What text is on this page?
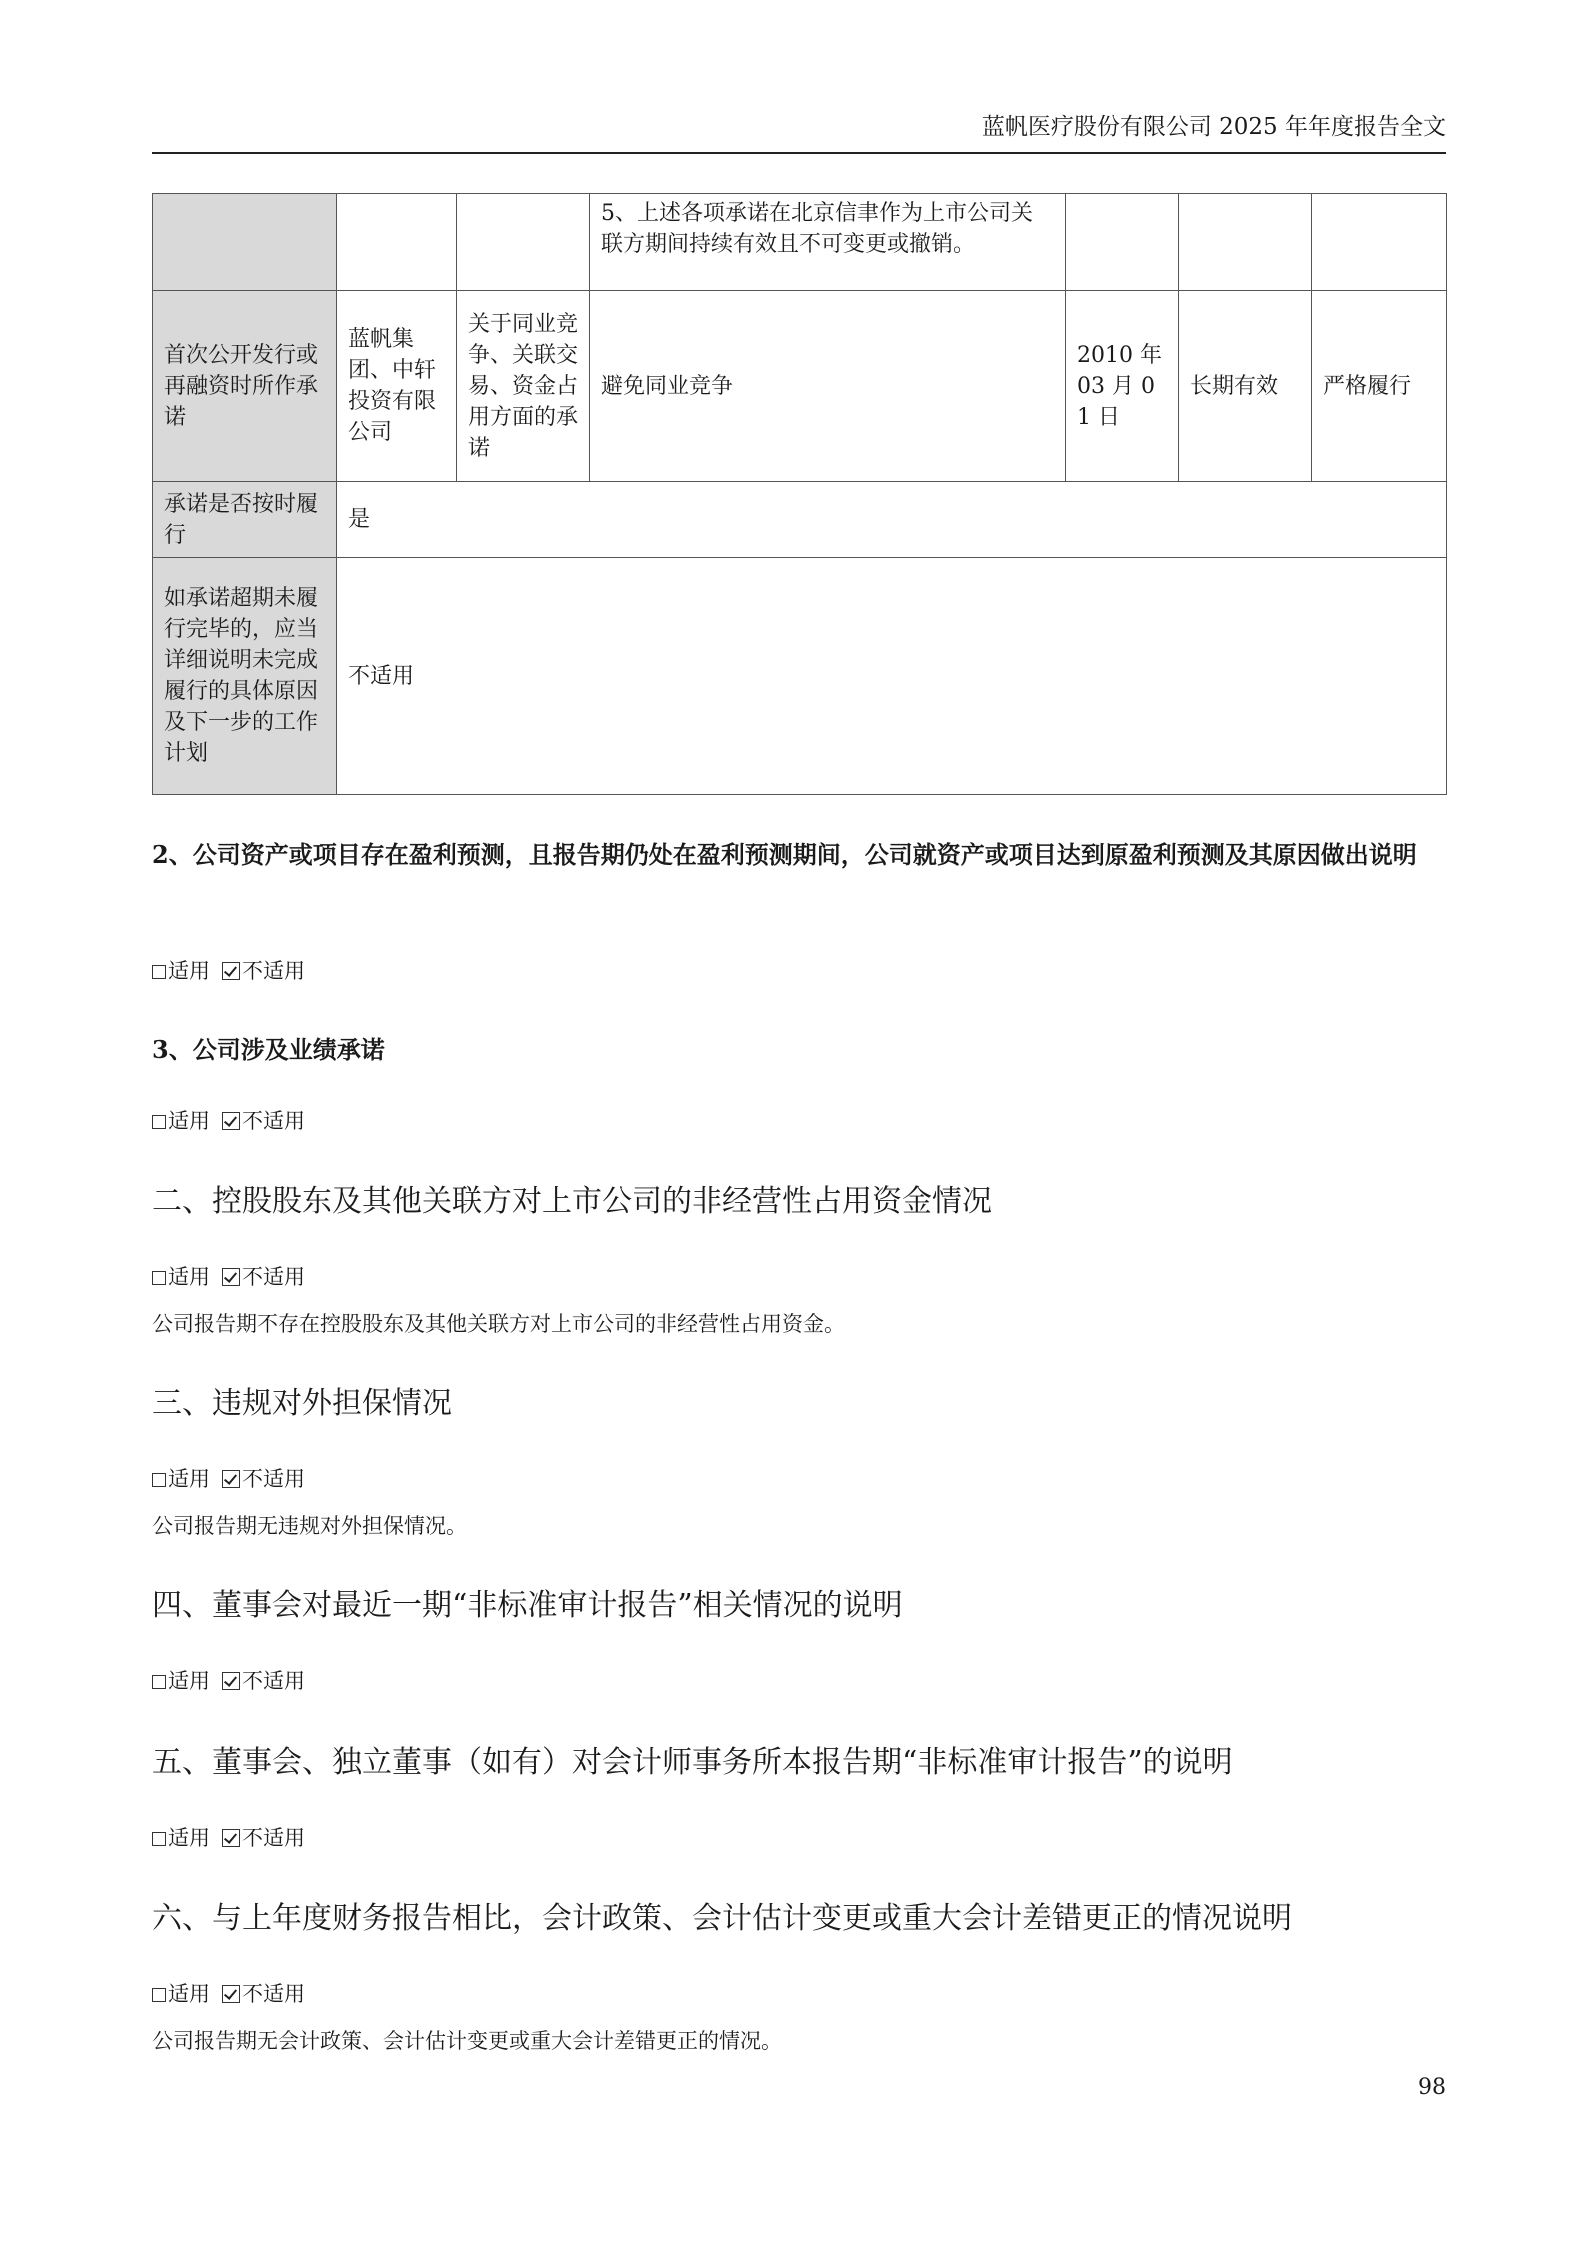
蓝帆医疗股份有限公司 2025 年年度报告全文
			5、上述各项承诺在北京信聿作为上市公司关联方期间持续有效且不可变更或撤销。			
首次公开发行或再融资时所作承诺	蓝帆集团、中轩投资有限公司	关于同业竞争、关联交易、资金占用方面的承诺	避免同业竞争	2010 年 03 月 01 日	长期有效	严格履行
承诺是否按时履行	是					
如承诺超期未履行完毕的，应当详细说明未完成履行的具体原因及下一步的工作计划	不适用					
2、公司资产或项目存在盈利预测，且报告期仍处在盈利预测期间，公司就资产或项目达到原盈利预测及其原因做出说明
适用 不适用
3、公司涉及业绩承诺
适用 不适用
二、控股股东及其他关联方对上市公司的非经营性占用资金情况
适用 不适用
公司报告期不存在控股股东及其他关联方对上市公司的非经营性占用资金。
三、违规对外担保情况
适用 不适用
公司报告期无违规对外担保情况。
四、董事会对最近一期“非标准审计报告”相关情况的说明
适用 不适用
五、董事会、独立董事（如有）对会计师事务所本报告期“非标准审计报告”的说明
适用 不适用
六、与上年度财务报告相比，会计政策、会计估计变更或重大会计差错更正的情况说明
适用 不适用
公司报告期无会计政策、会计估计变更或重大会计差错更正的情况。
98
